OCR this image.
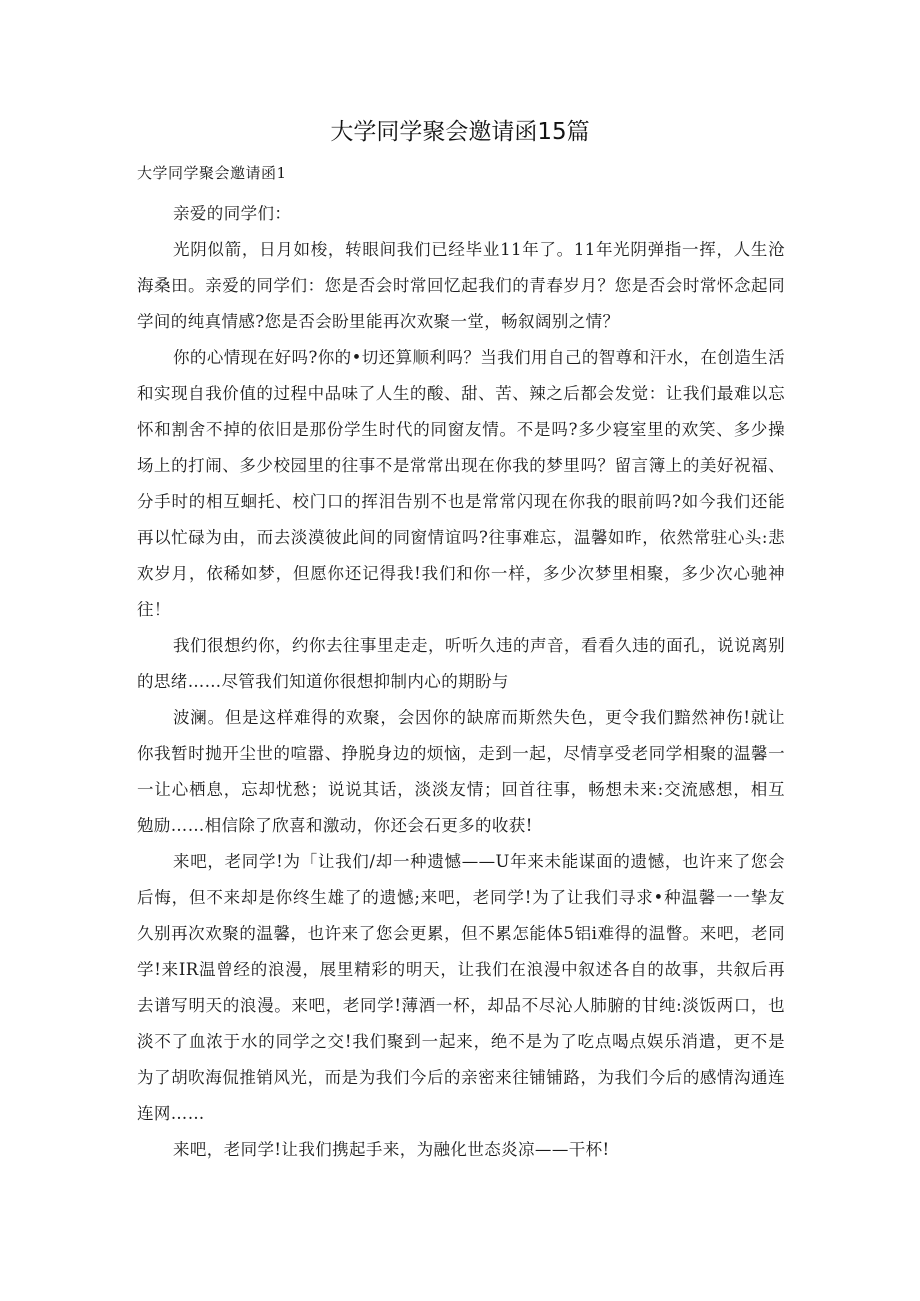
大学同学聚会邀请函15篇
大学同学聚会邀请函1

亲爱的同学们：

光阴似箭，日月如梭，转眼间我们已经毕业11年了。11年光阴弹指一挥，人生沧海桑田。亲爱的同学们：您是否会时常回忆起我们的青春岁月？您是否会时常怀念起同学间的纯真情感?您是否会盼里能再次欢聚一堂，畅叙阔别之情？

你的心情现在好吗?你的•切还算顺利吗？当我们用自己的智尊和汗水，在创造生活和实现自我价值的过程中品味了人生的酸、甜、苦、辣之后都会发觉：让我们最难以忘怀和割舍不掉的依旧是那份学生时代的同窗友情。不是吗?多少寝室里的欢笑、多少操场上的打闹、多少校园里的往事不是常常出现在你我的梦里吗？留言簿上的美好祝福、分手时的相互蛔托、校门口的挥泪告别不也是常常闪现在你我的眼前吗?如今我们还能再以忙碌为由，而去淡漠彼此间的同窗情谊吗?往事难忘，温馨如昨，依然常驻心头:悲欢岁月，依稀如梦，但愿你还记得我!我们和你一样，多少次梦里相聚，多少次心驰神往！

我们很想约你，约你去往事里走走，听听久违的声音，看看久违的面孔，说说离别的思绪……尽管我们知道你很想抑制内心的期盼与

波澜。但是这样难得的欢聚，会因你的缺席而斯然失色，更令我们黯然神伤!就让你我暂时抛开尘世的喧嚣、挣脱身边的烦恼，走到一起，尽情享受老同学相聚的温馨一一让心栖息，忘却忧愁；说说其话，淡淡友情；回首往事，畅想未来:交流感想，相互勉励……相信除了欣喜和激动，你还会石更多的收获!

来吧，老同学!为「让我们/却一种遗憾——U年来未能谋面的遗憾，也许来了您会后悔，但不来却是你终生雄了的遗憾;来吧，老同学!为了让我们寻求•种温馨一一挚友久别再次欢聚的温馨，也许来了您会更累，但不累怎能体5铝i难得的温瞥。来吧，老同学!来IR温曾经的浪漫，展里精彩的明天，让我们在浪漫中叙述各自的故事，共叙后再去谱写明天的浪漫。来吧，老同学!薄酒一杯，却品不尽沁人肺腑的甘纯:淡饭两口，也淡不了血浓于水的同学之交!我们聚到一起来，绝不是为了吃点喝点娱乐消遣，更不是为了胡吹海侃推销风光，而是为我们今后的亲密来往铺铺路，为我们今后的感情沟通连连网……

来吧，老同学!让我们携起手来，为融化世态炎凉——干杯!
